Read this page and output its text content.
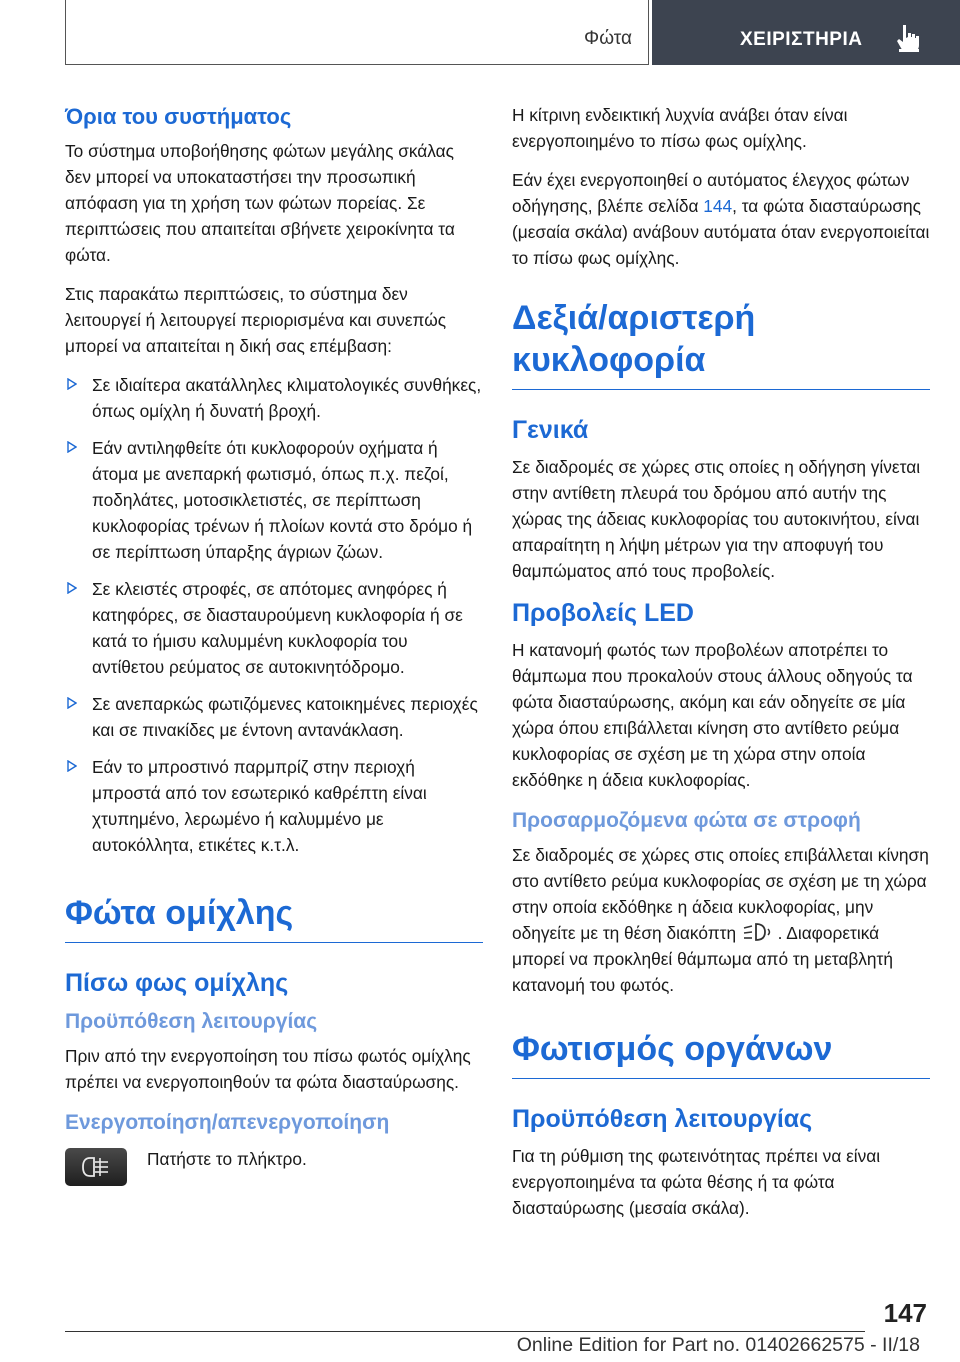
Φώτα	ΧΕΙΡΙΣΤΗΡΙΑ
Όρια του συστήματος

Το σύστημα υποβοήθησης φώτων μεγάλης σκάλας δεν μπορεί να υποκαταστήσει την προσωπική απόφαση για τη χρήση των φώτων πορείας. Σε περιπτώσεις που απαιτείται σβήνετε χειροκίνητα τα φώτα.

Στις παρακάτω περιπτώσεις, το σύστημα δεν λειτουργεί ή λειτουργεί περιορισμένα και συνεπώς μπορεί να απαιτείται η δική σας επέμβαση:

Σε ιδιαίτερα ακατάλληλες κλιματολογικές συνθήκες, όπως ομίχλη ή δυνατή βροχή.
Εάν αντιληφθείτε ότι κυκλοφορούν οχήματα ή άτομα με ανεπαρκή φωτισμό, όπως π.χ. πεζοί, ποδηλάτες, μοτοσικλετιστές, σε περίπτωση κυκλοφορίας τρένων ή πλοίων κοντά στο δρόμο ή σε περίπτωση ύπαρξης άγριων ζώων.
Σε κλειστές στροφές, σε απότομες ανηφόρες ή κατηφόρες, σε διασταυρούμενη κυκλοφορία ή σε κατά το ήμισυ καλυμμένη κυκλοφορία του αντίθετου ρεύματος σε αυτοκινητόδρομο.
Σε ανεπαρκώς φωτιζόμενες κατοικημένες περιοχές και σε πινακίδες με έντονη αντανάκλαση.
Εάν το μπροστινό παρμπρίζ στην περιοχή μπροστά από τον εσωτερικό καθρέπτη είναι χτυπημένο, λερωμένο ή καλυμμένο με αυτοκόλλητα, ετικέτες κ.τ.λ.
Φώτα ομίχλης
Πίσω φως ομίχλης
Προϋπόθεση λειτουργίας

Πριν από την ενεργοποίηση του πίσω φωτός ομίχλης πρέπει να ενεργοποιηθούν τα φώτα διασταύρωσης.

Ενεργοποίηση/απενεργοποίηση
Πατήστε το πλήκτρο.

Η κίτρινη ενδεικτική λυχνία ανάβει όταν είναι ενεργοποιημένο το πίσω φως ομίχλης.

Εάν έχει ενεργοποιηθεί ο αυτόματος έλεγχος φώτων οδήγησης, βλέπε σελίδα 144, τα φώτα διασταύρωσης (μεσαία σκάλα) ανάβουν αυτόματα όταν ενεργοποιείται το πίσω φως ομίχλης.

Δεξιά/αριστερή κυκλοφορία
Γενικά

Σε διαδρομές σε χώρες στις οποίες η οδήγηση γίνεται στην αντίθετη πλευρά του δρόμου από αυτήν της χώρας της άδειας κυκλοφορίας του αυτοκινήτου, είναι απαραίτητη η λήψη μέτρων για την αποφυγή του θαμπώματος από τους προβολείς.

Προβολείς LED

Η κατανομή φωτός των προβολέων αποτρέπει το θάμπωμα που προκαλούν στους άλλους οδηγούς τα φώτα διασταύρωσης, ακόμη και εάν οδηγείτε σε μία χώρα όπου επιβάλλεται κίνηση στο αντίθετο ρεύμα κυκλοφορίας σε σχέση με τη χώρα στην οποία εκδόθηκε η άδεια κυκλοφορίας.

Προσαρμοζόμενα φώτα σε στροφή

Σε διαδρομές σε χώρες στις οποίες επιβάλλεται κίνηση στο αντίθετο ρεύμα κυκλοφορίας σε σχέση με τη χώρα στην οποία εκδόθηκε η άδεια κυκλοφορίας, μην οδηγείτε με τη θέση διακόπτη  . Διαφορετικά μπορεί να προκληθεί θάμπωμα από τη μεταβλητή κατανομή του φωτός.

Φωτισμός οργάνων
Προϋπόθεση λειτουργίας

Για τη ρύθμιση της φωτεινότητας πρέπει να είναι ενεργοποιημένα τα φώτα θέσης ή τα φώτα διασταύρωσης (μεσαία σκάλα).

147
Online Edition for Part no. 01402662575 - II/18
